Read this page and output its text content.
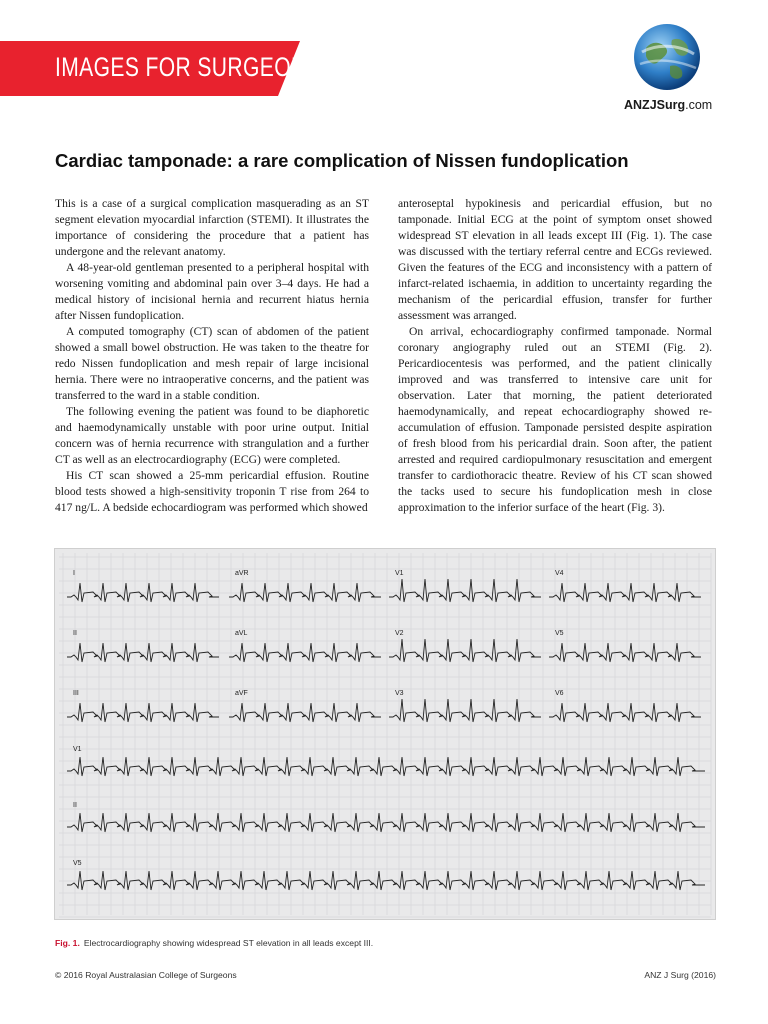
IMAGES FOR SURGEONS
ANZJSurg.com
Cardiac tamponade: a rare complication of Nissen fundoplication

This is a case of a surgical complication masquerading as an ST segment elevation myocardial infarction (STEMI). It illustrates the importance of considering the procedure that a patient has undergone and the relevant anatomy.

A 48-year-old gentleman presented to a peripheral hospital with worsening vomiting and abdominal pain over 3–4 days. He had a medical history of incisional hernia and recurrent hiatus hernia after Nissen fundoplication.

A computed tomography (CT) scan of abdomen of the patient showed a small bowel obstruction. He was taken to the theatre for redo Nissen fundoplication and mesh repair of large incisional hernia. There were no intraoperative concerns, and the patient was transferred to the ward in a stable condition.

The following evening the patient was found to be diaphoretic and haemodynamically unstable with poor urine output. Initial concern was of hernia recurrence with strangulation and a further CT as well as an electrocardiography (ECG) were completed.

His CT scan showed a 25-mm pericardial effusion. Routine blood tests showed a high-sensitivity troponin T rise from 264 to 417 ng/L. A bedside echocardiogram was performed which showed

anteroseptal hypokinesis and pericardial effusion, but no tamponade. Initial ECG at the point of symptom onset showed widespread ST elevation in all leads except III (Fig. 1). The case was discussed with the tertiary referral centre and ECGs reviewed. Given the features of the ECG and inconsistency with a pattern of infarct-related ischaemia, in addition to uncertainty regarding the mechanism of the pericardial effusion, transfer for further assessment was arranged.

On arrival, echocardiography confirmed tamponade. Normal coronary angiography ruled out an STEMI (Fig. 2). Pericardiocentesis was performed, and the patient clinically improved and was transferred to intensive care unit for observation. Later that morning, the patient deteriorated haemodynamically, and repeat echocardiography showed re-accumulation of effusion. Tamponade persisted despite aspiration of fresh blood from his pericardial drain. Soon after, the patient arrested and required cardiopulmonary resuscitation and emergent transfer to cardiothoracic theatre. Review of his CT scan showed the tacks used to secure his fundoplication mesh in close approximation to the inferior surface of the heart (Fig. 3).

I	aVR	V1	V4
II	aVL	V2	V5
III	aVF	V3	V6
V1
II
V5
Fig. 1. Electrocardiography showing widespread ST elevation in all leads except III.
© 2016 Royal Australasian College of Surgeons	ANZ J Surg (2016)
